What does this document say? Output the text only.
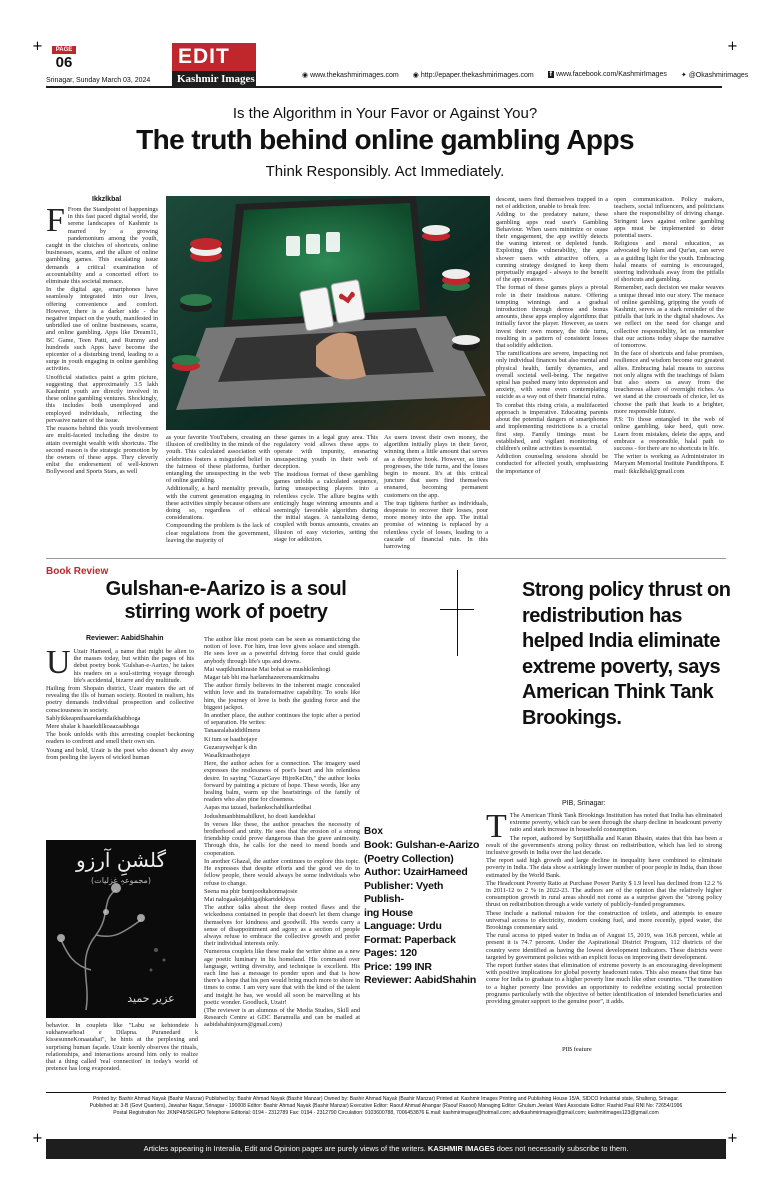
+	+
+	+
PAGE
06
Srinagar, Sunday March 03, 2024
EDIT
Kashmir Images	◉ www.thekashmirimages.com ◉ http://epaper.thekashmirimages.com f www.facebook.com/KashmirImages ✦ @Okashmirimages
Is the Algorithm in Your Favor or Against You?
The truth behind online gambling Apps
Think Responsibly. Act Immediately.
Ikkzlkbal

F From the Standpoint of happenings in this fast paced digital world, the serene landscapes of Kashmir is marred by a growing pandemonium among the youth, caught in the clutches of shortcuts, online businesses, scams, and the allure of online gambling games. This escalating issue demands a critical examination of accountability and a concerted effort to eliminate this societal menace.

In the digital age, smartphones have seamlessly integrated into our lives, offering convenience and comfort. However, there is a darker side - the negative impact on the youth, manifested in unbridled use of online businesses, scams, and online gambling. Apps like Dream11, BC Game, Teen Patti, and Rummy and hundreds such Apps have become the epicenter of a disturbing trend, leading to a surge in youth engaging in online gambling activities.

Unofficial statistics paint a grim picture, suggesting that approximately 3.5 lakh Kashmiri youth are directly involved in these online gambling ventures. Shockingly, this includes both unemployed and employed individuals, reflecting the pervasive nature of the issue.

The reasons behind this youth involvement are multi-faceted including the desire to attain overnight wealth with shortcuts. The second reason is the strategic promotion by the owners of these apps. They cleverly enlist the endorsement of well-known Bollywood and Sports Stars, as well

as your favorite YouTubers, creating an illusion of credibility in the minds of the youth. This calculated association with celebrities fosters a misguided belief in the fairness of these platforms, further entangling the unsuspecting in the web of online gambling.

Additionally, a hard mentality prevails, with the current generation engaging in these activities simply because others are doing so, regardless of ethical considerations.

Compounding the problem is the lack of clear regulations from the government, leaving the majority of

these games in a legal gray area. This regulatory void allows these apps to operate with impunity, ensnaring unsuspecting youth in their web of deception.

The insidious format of these gambling games unfolds a calculated sequence, luring unsuspecting players into a relentless cycle. The allure begins with enticingly huge winning amounts and a seemingly favorable algorithm during the initial stages. A tantalizing demo, coupled with bonus amounts, creates an illusion of easy victories, setting the stage for addiction.

As users invest their own money, the algorithm initially plays in their favor, winning them a little amount that serves as a deceptive hook. However, as time progresses, the tide turns, and the losses begin to mount. It's at this critical juncture that users find themselves ensnared, becoming permanent customers on the app.

The trap tightens further as individuals, desperate to recover their losses, pour more money into the app. The initial promise of winning is replaced by a relentless cycle of losses, leading to a cascade of financial ruin. In this harrowing

descent, users find themselves trapped in a net of addiction, unable to break free.

Adding to the predatory nature, these gambling apps read user's Gambling Behaviour. When users minimize or cease their engagement, the app swiftly detects the waning interest or depleted funds. Exploiting this vulnerability, the apps shower users with attractive offers, a cunning strategy designed to keep them perpetually engaged - always to the benefit of the app creators.

The format of these games plays a pivotal role in their insidious nature. Offering tempting winnings and a gradual introduction through demos and bonus amounts, these apps employ algorithms that initially favor the player. However, as users invest their own money, the tide turns, resulting in a pattern of consistent losses that solidify addiction.

The ramifications are severe, impacting not only individual finances but also mental and physical health, family dynamics, and overall societal well-being. The negative spiral has pushed many into depression and anxiety, with some even contemplating suicide as a way out of their financial ruins.

To combat this rising crisis, a multifaceted approach is imperative. Educating parents about the potential dangers of smartphones and implementing restrictions is a crucial first step. Family timings must be established, and vigilant monitoring of children's online activities is essential.

Addiction counseling sessions should be conducted for affected youth, emphasizing the importance of

open communication. Policy makers, teachers, social influencers, and politicians share the responsibility of driving change. Stringent laws against online gambling apps must be implemented to deter potential users.

Religious and moral education, as advocated by Islam and Qur'an, can serve as a guiding light for the youth. Embracing halal means of earning is encouraged, steering individuals away from the pitfalls of shortcuts and gambling.

Remember, each decision we make weaves a unique thread into our story. The menace of online gambling, gripping the youth of Kashmir, serves as a stark reminder of the pitfalls that lurk in the digital shadows. As we reflect on the need for change and collective responsibility, let us remember that our actions today shape the narrative of tomorrow.

In the face of shortcuts and false promises, resilience and wisdom become our greatest allies. Embracing halal means to success not only aligns with the teachings of Islam but also steers us away from the treacherous allure of overnight riches. As we stand at the crossroads of choice, let us choose the path that leads to a brighter, more responsible future.

P.S: To those entangled in the web of online gambling, take heed, quit now. Learn from mistakes, delete the apps, and embrace a responsible, halal path to success - for there are no shortcuts in life.

The writer is working as Administrator in Maryam Memorial Institute Pandithpora. E mail: ikkzlkbal@gmail.com

Book Review
Gulshan-e-Aarizo is a soul
stirring work of poetry
Reviewer: AabidShahin

U Uzair Hameed, a name that might be alien to the masses today, but within the pages of his debut poetry book 'Gulshan-e-Aarizo,' he takes his readers on a soul-stirring voyage through life's accidental, bizarre and dry multitude.

Hailing from Shopain district, Uzair masters the art of revealing the ills of human society. Rooted in realism, his poetry demands individual prospection and collective consciousness in society.

Sablyikkeapnihaarekamdaikhaibhoga

Mere shalar k haaekdilkoaazaabhoga

The book unfolds with this arresting couplet beckoning readers to confront and smell their own sin.

Young and bold, Uzair is the poet who doesn't shy away from peeling the layers of wicked human

گلشنِ آرزو
(مجموعہِ غزلیات)
عزیر حمید

behavior. In couplets like "Labu se kehtondete h sukhanwarhoaI e Dilapna. Puranedard k kissesunneKonaatahai", he hints at the perplexing and surprising human façade. Uzair keenly observes the rituals, relationships, and interactions around him only to realize that a thing called 'real connection' in today's world of pretence has long evaporated.

The author like most poets can be seen as romanticizing the notion of love. For him, true love gives solace and strength. He sees love as a powerful driving force that could guide anybody through life's ups and downs.

Mai waqtkhunkiraste Mai bohat se mushkilenhogi

Magar tab bhi ma harlamhazeerensamkirnahu

The author firmly believes in the inherent magic concealed within love and its transformative capability. To souls like him, the journey of love is both the guiding force and the biggest jackpot.

In another place, the author continues the topic after a period of separation. He writes:

Tanaaralahaididilmera

Ki tum se baathojaye

Guzaraywehjar k din

Wasalkiraathojaye

Here, the author aches for a connection. The imagery used expresses the restlessness of poet's heart and his relentless desire. In saying "GuzarGaye HijreKeDin," the author looks forward by painting a picture of hope. These words, like any healing balm, warm up the heartstrings of the family of readers who also pine for closeness.

Aapas ma tazaad, badankochahilkardedhai

Jodushmanbhimahilkrei, ho dosti kandekhai

In verses like these, the author preaches the necessity of brotherhood and unity. He sees that the erosion of a strong friendship could prove dangerous than the grave animosity. Through this, he calls for the need to mend bonds and cooperation.

In another Ghazal, the author continues to explore this topic. He expresses that despite efforts and the good we do to fellow people, there would always be some individuals who refuse to change.

Seena ma phir bumjoodtahonmajosie

Mai nalogaakojabhigajhkartdekhiya

The author talks about the deep rooted flaws and the wickedness contained in people that doesn't let them change themselves for kindness and goodwill. His words carry a sense of disappointment and agony as a section of people always refuse to embrace the collective growth and prefer their individual interests only.

Numerous couplets like these make the writer shine as a new age poetic luminary in his homeland. His command over language, writing diversity, and technique is excellent. His each line has a message to ponder upon and that is how there's a hope that his pen would bring much more to shore in times to come. I am very sure that with the kind of the talent and insight he has, we would all soon be marvelling at his poetic wonder. Goodluck, Uzair!

(The reviewer is an alumnus of the Media Studies, Skill and Research Centre at GDC Baramulla and can be mailed at aabidshahinjourn@gmail.com)

Box
Book: Gulshan-e-Aarizo
(Poetry Collection)
Author: UzairHameed
Publisher: Vyeth Publish-
ing House
Language: Urdu
Format: Paperback
Pages: 120
Price: 199 INR
Reviewer: AabidShahin
Strong policy thrust on redistribution has helped India eliminate extreme poverty, says American Think Tank Brookings.
PIB, Srinagar:

T The American Think Tank Brookings Institution has noted that India has eliminated extreme poverty, which can be seen through the sharp decline in headcount poverty ratio and stark increase in household consumption.

The report, authored by SurjitBhalla and Karan Bhasin, states that this has been a result of the government's strong policy thrust on redistribution, which has led to strong inclusive growth in India over the last decade.

The report said high growth and large decline in inequality have combined to eliminate poverty in India. The data show a strikingly lower number of poor people in India, than those estimated by the World Bank.

The Headcount Poverty Ratio at Purchase Power Parity $ 1.9 level has declined from 12.2 % in 2011-12 to 2 % in 2022-23. The authors are of the opinion that the relatively higher consumption growth in rural areas should not come as a surprise given the "strong policy thrust on redistribution through a wide variety of publicly-funded programmes.

These include a national mission for the construction of toilets, and attempts to ensure universal access to electricity, modern cooking fuel, and more recently, piped water, the Brookings commentary said.

The rural access to piped water in India as of August 15, 2019, was 16.8 percent, while at present it is 74.7 percent. Under the Aspirational District Program, 112 districts of the country were identified as having the lowest development indicators. These districts were targeted by government policies with an explicit focus on improving their development.

The report further states that elimination of extreme poverty is an encouraging development with positive implications for global poverty headcount rates. This also means that time has come for India to graduate to a higher poverty line much like other countries. "The transition to a higher poverty line provides an opportunity to redefine existing social protection programs particularly with the objective of better identification of intended beneficiaries and providing greater support to the genuine poor", it adds.

PIB feature
Printed by: Bashir Ahmad Nayak (Bashir Manzar) Published by: Bashir Ahmad Nayak (Bashir Manzar) Owned by: Bashir Ahmad Nayak (Bashir Manzar) Printed at: Kashmir Images Printing and Publishing House 15/A, SIDCO Industrial state, Shalteng, Srinagar.
Published at: 3-B (Govt Quarters), Jawahar Nagar, Srinagar - 190008 Editor: Bashir Ahmad Nayak (Bashir Manzar) Executive Editor: Raouf Ahmad Ahangar (Raouf Rasool) Managing Editor: Ghulam Jeelani Wani Associate Editor: Rashid Paul RNI No: 72654/1996
Postal Registration No: JKNP48/SKGPO Telephone Editorial: 0194 - 2312789 Fax: 0194 - 2312790 Circulation: 9103600788, 7006453876 E.mail: kashmirimages@hotmail.com; advtkashmirimages@gmail.com; kashmirimages123@gmail.com
Articles appearing in Interalia, Edit and Opinion pages are purely views of the writers. KASHMIR IMAGES does not necessarily subscribe to them.
